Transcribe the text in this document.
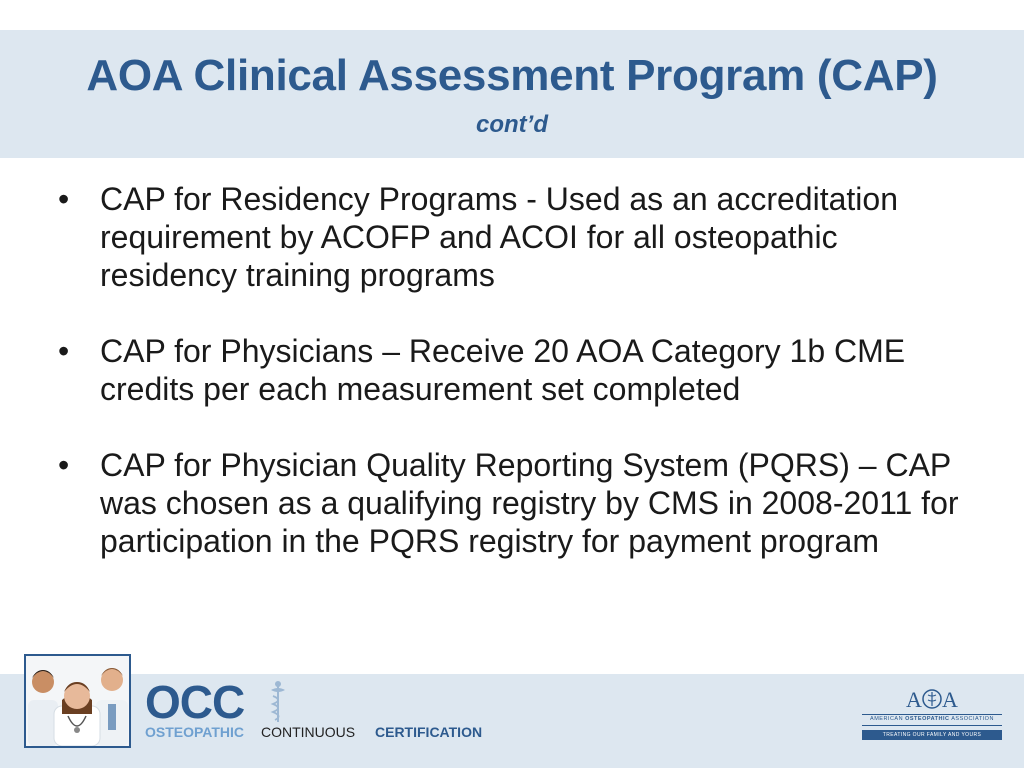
AOA Clinical Assessment Program (CAP)
cont’d
• CAP for Residency Programs - Used as an accreditation requirement by ACOFP and ACOI for all osteopathic residency training programs
• CAP for Physicians – Receive 20 AOA Category 1b CME credits per each measurement set completed
• CAP for Physician Quality Reporting System (PQRS) – CAP was chosen as a qualifying registry by CMS in 2008-2011 for participation in the PQRS registry for payment program
OCC
OSTEOPATHIC CONTINUOUS CERTIFICATION
A A
AMERICAN OSTEOPATHIC ASSOCIATION
TREATING OUR FAMILY AND YOURS
